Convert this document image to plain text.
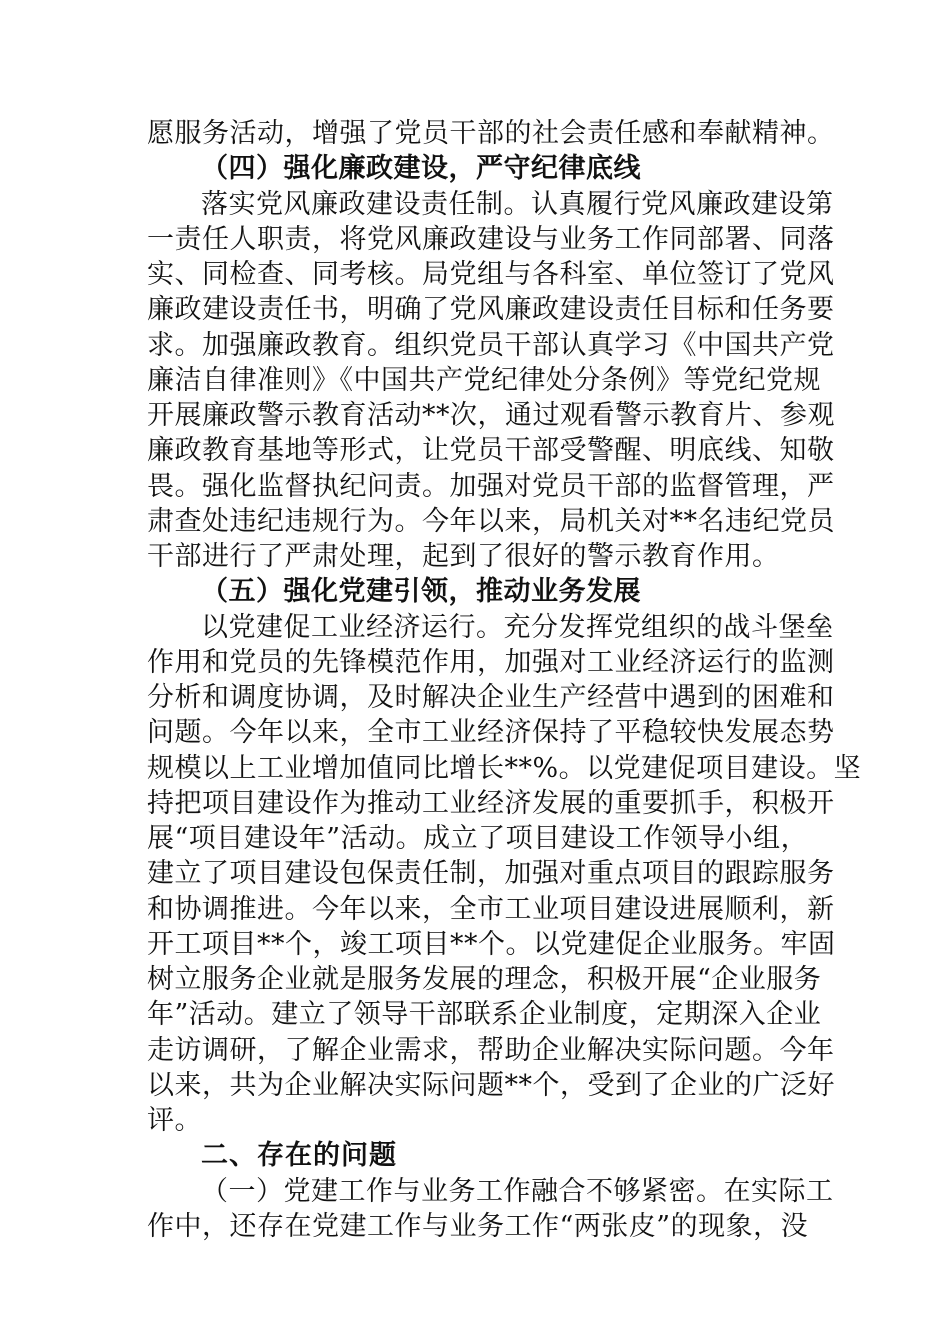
愿服务活动，增强了党员干部的社会责任感和奉献精神。
（四）强化廉政建设，严守纪律底线
落实党风廉政建设责任制。认真履行党风廉政建设第
一责任人职责，将党风廉政建设与业务工作同部署、同落
实、同检查、同考核。局党组与各科室、单位签订了党风
廉政建设责任书，明确了党风廉政建设责任目标和任务要
求。加强廉政教育。组织党员干部认真学习《中国共产党
廉洁自律准则》《中国共产党纪律处分条例》等党纪党规
开展廉政警示教育活动**次，通过观看警示教育片、参观
廉政教育基地等形式，让党员干部受警醒、明底线、知敬
畏。强化监督执纪问责。加强对党员干部的监督管理，严
肃查处违纪违规行为。今年以来，局机关对**名违纪党员
干部进行了严肃处理，起到了很好的警示教育作用。
（五）强化党建引领，推动业务发展
以党建促工业经济运行。充分发挥党组织的战斗堡垒
作用和党员的先锋模范作用，加强对工业经济运行的监测
分析和调度协调，及时解决企业生产经营中遇到的困难和
问题。今年以来，全市工业经济保持了平稳较快发展态势
规模以上工业增加值同比增长**%。以党建促项目建设。坚
持把项目建设作为推动工业经济发展的重要抓手，积极开
展“项目建设年”活动。成立了项目建设工作领导小组，
建立了项目建设包保责任制，加强对重点项目的跟踪服务
和协调推进。今年以来，全市工业项目建设进展顺利，新
开工项目**个，竣工项目**个。以党建促企业服务。牢固
树立服务企业就是服务发展的理念，积极开展“企业服务
年”活动。建立了领导干部联系企业制度，定期深入企业
走访调研，了解企业需求，帮助企业解决实际问题。今年
以来，共为企业解决实际问题**个，受到了企业的广泛好
评。
二、存在的问题
（一）党建工作与业务工作融合不够紧密。在实际工
作中，还存在党建工作与业务工作“两张皮”的现象，没
